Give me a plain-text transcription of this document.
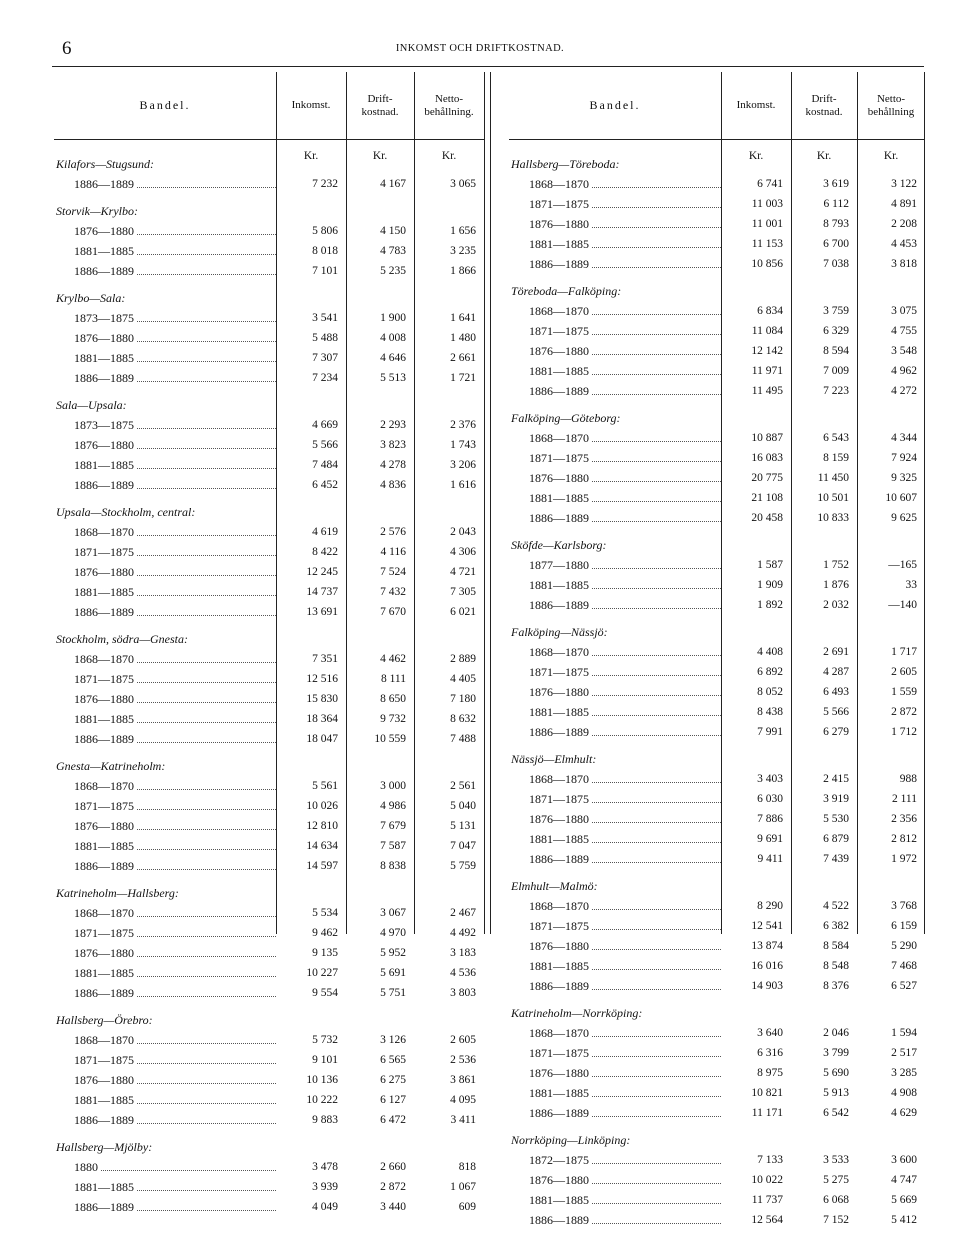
6	INKOMST OCH DRIFTKOSTNAD.
Bandel.	Inkomst.
Drift-
kostnad.
Netto-
behållning.
Kr.	Kr.	Kr.
Kilafors—Stugsund:
1886—1889	7 232	4 167	3 065
Storvik—Krylbo:
1876—1880	5 806	4 150	1 656
1881—1885	8 018	4 783	3 235
1886—1889	7 101	5 235	1 866
Krylbo—Sala:
1873—1875	3 541	1 900	1 641
1876—1880	5 488	4 008	1 480
1881—1885	7 307	4 646	2 661
1886—1889	7 234	5 513	1 721
Sala—Upsala:
1873—1875	4 669	2 293	2 376
1876—1880	5 566	3 823	1 743
1881—1885	7 484	4 278	3 206
1886—1889	6 452	4 836	1 616
Upsala—Stockholm, central:
1868—1870	4 619	2 576	2 043
1871—1875	8 422	4 116	4 306
1876—1880	12 245	7 524	4 721
1881—1885	14 737	7 432	7 305
1886—1889	13 691	7 670	6 021
Stockholm, södra—Gnesta:
1868—1870	7 351	4 462	2 889
1871—1875	12 516	8 111	4 405
1876—1880	15 830	8 650	7 180
1881—1885	18 364	9 732	8 632
1886—1889	18 047	10 559	7 488
Gnesta—Katrineholm:
1868—1870	5 561	3 000	2 561
1871—1875	10 026	4 986	5 040
1876—1880	12 810	7 679	5 131
1881—1885	14 634	7 587	7 047
1886—1889	14 597	8 838	5 759
Katrineholm—Hallsberg:
1868—1870	5 534	3 067	2 467
1871—1875	9 462	4 970	4 492
1876—1880	9 135	5 952	3 183
1881—1885	10 227	5 691	4 536
1886—1889	9 554	5 751	3 803
Hallsberg—Örebro:
1868—1870	5 732	3 126	2 605
1871—1875	9 101	6 565	2 536
1876—1880	10 136	6 275	3 861
1881—1885	10 222	6 127	4 095
1886—1889	9 883	6 472	3 411
Hallsberg—Mjölby:
1880	3 478	2 660	818
1881—1885	3 939	2 872	1 067
1886—1889	4 049	3 440	609
Bandel.	Inkomst.
Drift-
kostnad.
Netto-
behållning
Kr.	Kr.	Kr.
Hallsberg—Töreboda:
1868—1870	6 741	3 619	3 122
1871—1875	11 003	6 112	4 891
1876—1880	11 001	8 793	2 208
1881—1885	11 153	6 700	4 453
1886—1889	10 856	7 038	3 818
Töreboda—Falköping:
1868—1870	6 834	3 759	3 075
1871—1875	11 084	6 329	4 755
1876—1880	12 142	8 594	3 548
1881—1885	11 971	7 009	4 962
1886—1889	11 495	7 223	4 272
Falköping—Göteborg:
1868—1870	10 887	6 543	4 344
1871—1875	16 083	8 159	7 924
1876—1880	20 775	11 450	9 325
1881—1885	21 108	10 501	10 607
1886—1889	20 458	10 833	9 625
Sköfde—Karlsborg:
1877—1880	1 587	1 752	—165
1881—1885	1 909	1 876	33
1886—1889	1 892	2 032	—140
Falköping—Nässjö:
1868—1870	4 408	2 691	1 717
1871—1875	6 892	4 287	2 605
1876—1880	8 052	6 493	1 559
1881—1885	8 438	5 566	2 872
1886—1889	7 991	6 279	1 712
Nässjö—Elmhult:
1868—1870	3 403	2 415	988
1871—1875	6 030	3 919	2 111
1876—1880	7 886	5 530	2 356
1881—1885	9 691	6 879	2 812
1886—1889	9 411	7 439	1 972
Elmhult—Malmö:
1868—1870	8 290	4 522	3 768
1871—1875	12 541	6 382	6 159
1876—1880	13 874	8 584	5 290
1881—1885	16 016	8 548	7 468
1886—1889	14 903	8 376	6 527
Katrineholm—Norrköping:
1868—1870	3 640	2 046	1 594
1871—1875	6 316	3 799	2 517
1876—1880	8 975	5 690	3 285
1881—1885	10 821	5 913	4 908
1886—1889	11 171	6 542	4 629
Norrköping—Linköping:
1872—1875	7 133	3 533	3 600
1876—1880	10 022	5 275	4 747
1881—1885	11 737	6 068	5 669
1886—1889	12 564	7 152	5 412
